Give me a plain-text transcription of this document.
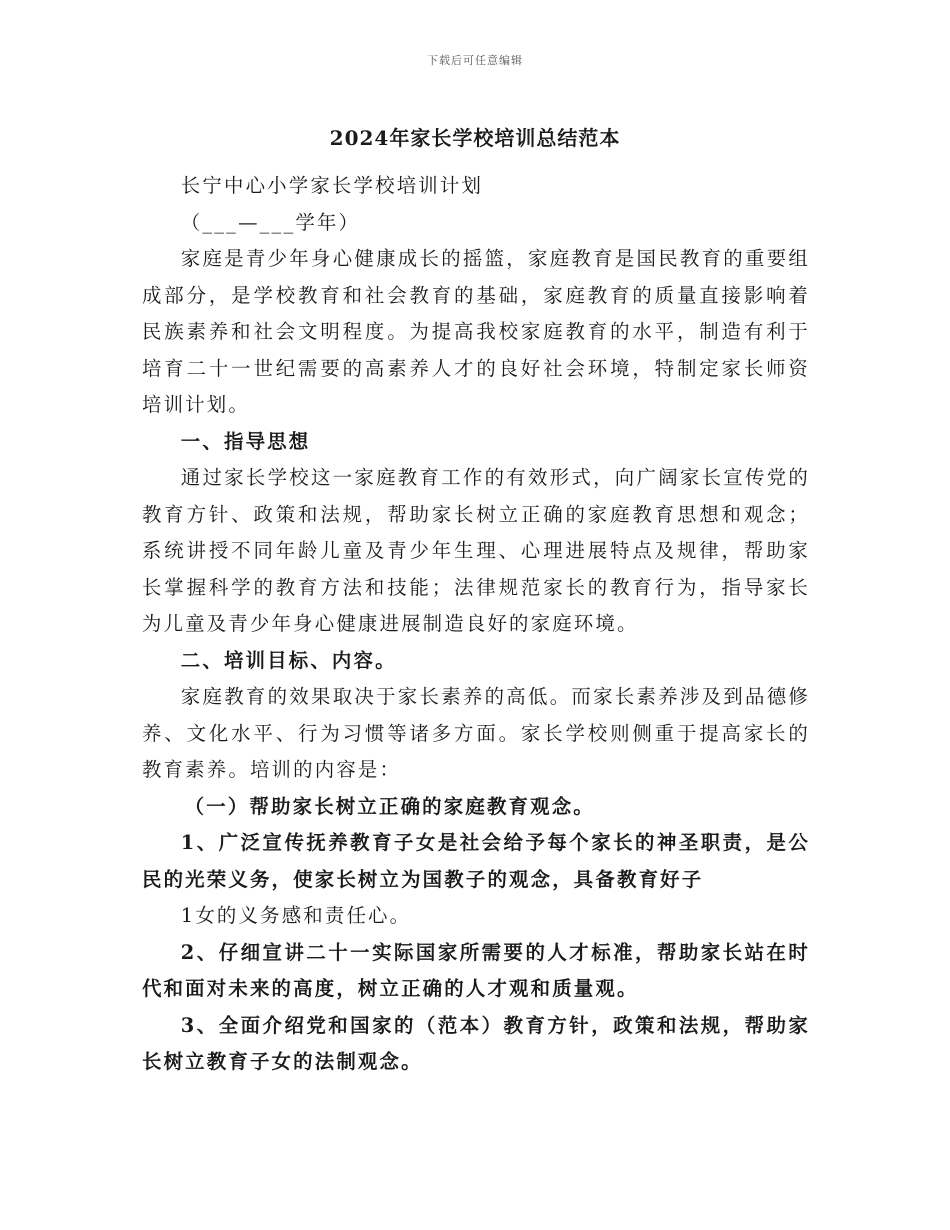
下载后可任意编辑
2024年家长学校培训总结范本

长宁中心小学家长学校培训计划

（___—___学年）

家庭是青少年身心健康成长的摇篮，家庭教育是国民教育的重要组成部分，是学校教育和社会教育的基础，家庭教育的质量直接影响着民族素养和社会文明程度。为提高我校家庭教育的水平，制造有利于培育二十一世纪需要的高素养人才的良好社会环境，特制定家长师资培训计划。

一、指导思想

通过家长学校这一家庭教育工作的有效形式，向广阔家长宣传党的教育方针、政策和法规，帮助家长树立正确的家庭教育思想和观念；系统讲授不同年龄儿童及青少年生理、心理进展特点及规律，帮助家长掌握科学的教育方法和技能；法律规范家长的教育行为，指导家长为儿童及青少年身心健康进展制造良好的家庭环境。

二、培训目标、内容。

家庭教育的效果取决于家长素养的高低。而家长素养涉及到品德修养、文化水平、行为习惯等诸多方面。家长学校则侧重于提高家长的教育素养。培训的内容是：

（一）帮助家长树立正确的家庭教育观念。

1、广泛宣传抚养教育子女是社会给予每个家长的神圣职责，是公民的光荣义务，使家长树立为国教子的观念，具备教育好子

1女的义务感和责任心。

2、仔细宣讲二十一实际国家所需要的人才标准，帮助家长站在时代和面对未来的高度，树立正确的人才观和质量观。

3、全面介绍党和国家的（范本）教育方针，政策和法规，帮助家长树立教育子女的法制观念。
